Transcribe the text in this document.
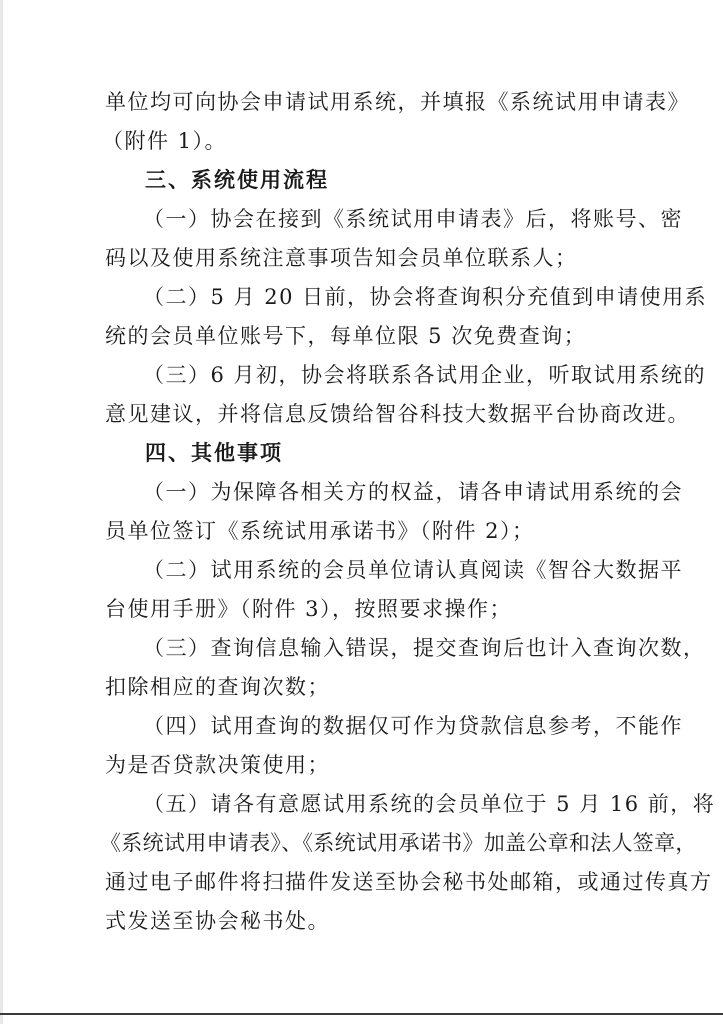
单位均可向协会申请试用系统，并填报《系统试用申请表》
（附件 1）。
三、系统使用流程
（一）协会在接到《系统试用申请表》后，将账号、密
码以及使用系统注意事项告知会员单位联系人；
（二）5 月 20 日前，协会将查询积分充值到申请使用系
统的会员单位账号下，每单位限 5 次免费查询；
（三）6 月初，协会将联系各试用企业，听取试用系统的
意见建议，并将信息反馈给智谷科技大数据平台协商改进。
四、其他事项
（一）为保障各相关方的权益，请各申请试用系统的会
员单位签订《系统试用承诺书》（附件 2）；
（二）试用系统的会员单位请认真阅读《智谷大数据平
台使用手册》（附件 3），按照要求操作；
（三）查询信息输入错误，提交查询后也计入查询次数，
扣除相应的查询次数；
（四）试用查询的数据仅可作为贷款信息参考，不能作
为是否贷款决策使用；
（五）请各有意愿试用系统的会员单位于 5 月 16 前，将
《系统试用申请表》、《系统试用承诺书》加盖公章和法人签章，
通过电子邮件将扫描件发送至协会秘书处邮箱，或通过传真方
式发送至协会秘书处。
